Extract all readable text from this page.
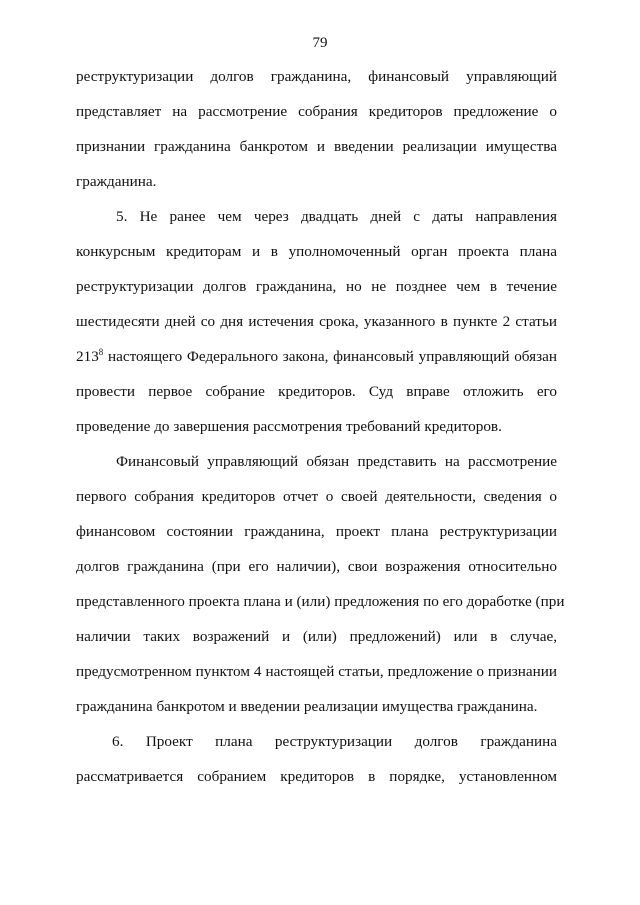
79
реструктуризации долгов гражданина, финансовый управляющий
представляет на рассмотрение собрания кредиторов предложение о
признании гражданина банкротом и введении реализации имущества
гражданина.
5. Не ранее чем через двадцать дней с даты направления
конкурсным кредиторам и в уполномоченный орган проекта плана
реструктуризации долгов гражданина, но не позднее чем в течение
шестидесяти дней со дня истечения срока, указанного в пункте 2 статьи
$213^8$ настоящего Федерального закона, финансовый управляющий обязан
провести первое собрание кредиторов. Суд вправе отложить его
проведение до завершения рассмотрения требований кредиторов.
Финансовый управляющий обязан представить на рассмотрение
первого собрания кредиторов отчет о своей деятельности, сведения о
финансовом состоянии гражданина, проект плана реструктуризации
долгов гражданина (при его наличии), свои возражения относительно
представленного проекта плана и (или) предложения по его доработке (при
наличии таких возражений и (или) предложений) или в случае,
предусмотренном пунктом 4 настоящей статьи, предложение о признании
гражданина банкротом и введении реализации имущества гражданина.
6. Проект плана реструктуризации долгов гражданина
рассматривается собранием кредиторов в порядке, установленном
